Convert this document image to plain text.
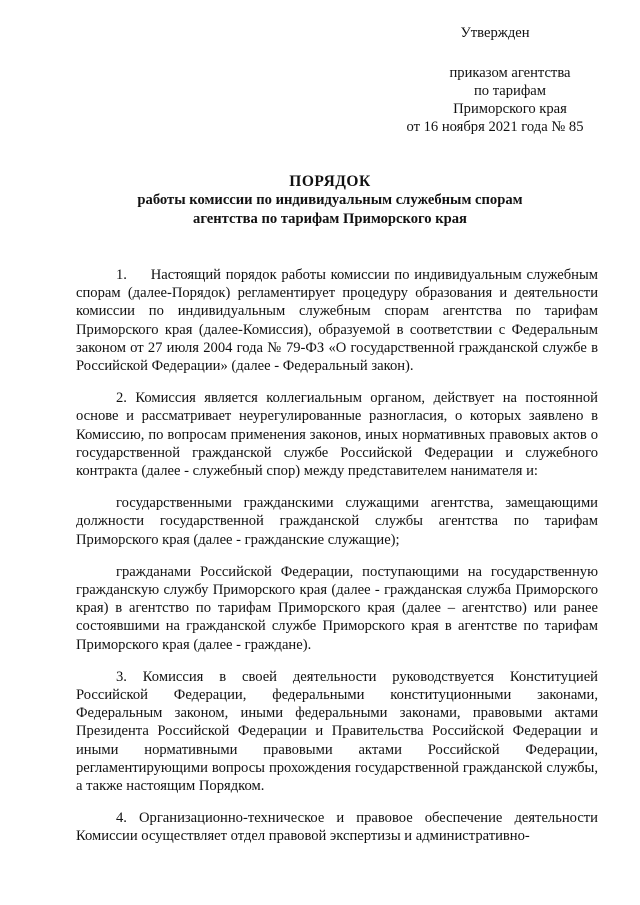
Утвержден
приказом агентства
по тарифам
Приморского края
от 16 ноября 2021 года № 85
ПОРЯДОК
работы комиссии по индивидуальным служебным спорам
агентства по тарифам Приморского края

1.     Настоящий порядок работы комиссии по индивидуальным служебным спорам (далее-Порядок) регламентирует процедуру образования и деятельности комиссии по индивидуальным служебным спорам агентства по тарифам Приморского края (далее-Комиссия), образуемой в соответствии с Федеральным законом от 27 июля 2004 года № 79-ФЗ «О государственной гражданской службе в Российской Федерации» (далее - Федеральный закон).

2. Комиссия является коллегиальным органом, действует на постоянной основе и рассматривает неурегулированные разногласия, о которых заявлено в Комиссию, по вопросам применения законов, иных нормативных правовых актов о государственной гражданской службе Российской Федерации и служебного контракта (далее - служебный спор) между представителем нанимателя и:

государственными гражданскими служащими агентства, замещающими должности государственной гражданской службы агентства по тарифам Приморского края (далее - гражданские служащие);

гражданами Российской Федерации, поступающими на государственную гражданскую службу Приморского края (далее - гражданская служба Приморского края) в агентство по тарифам Приморского края (далее – агентство) или ранее состоявшими на гражданской службе Приморского края в агентстве по тарифам Приморского края (далее - граждане).

3. Комиссия в своей деятельности руководствуется Конституцией Российской Федерации, федеральными конституционными законами, Федеральным законом, иными федеральными законами, правовыми актами Президента Российской Федерации и Правительства Российской Федерации и иными нормативными правовыми актами Российской Федерации, регламентирующими вопросы прохождения государственной гражданской службы, а также настоящим Порядком.

4. Организационно-техническое и правовое обеспечение деятельности Комиссии осуществляет отдел правовой экспертизы и административно-
